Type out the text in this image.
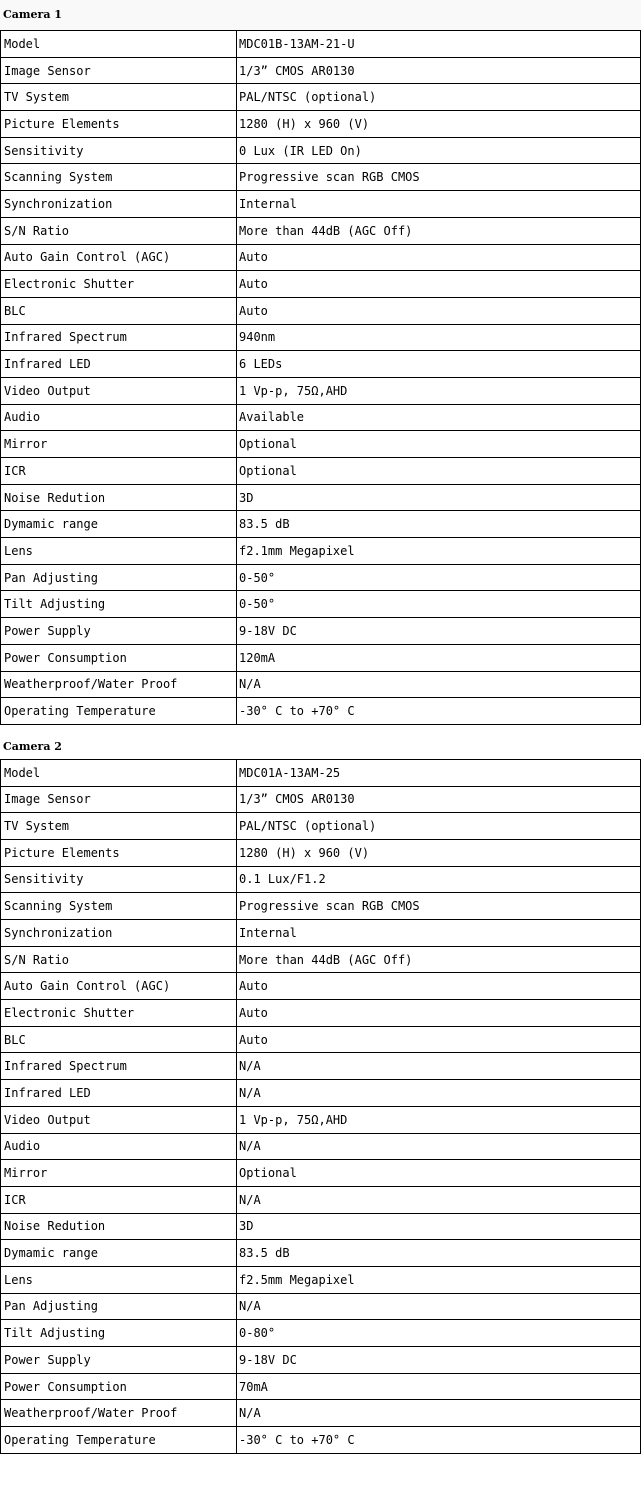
Camera 1
Model	MDC01B-13AM-21-U
Image Sensor	1/3” CMOS AR0130
TV System	PAL/NTSC (optional)
Picture Elements	1280 (H) x 960 (V)
Sensitivity	0 Lux (IR LED On)
Scanning System	Progressive scan RGB CMOS
Synchronization	Internal
S/N Ratio	More than 44dB (AGC Off)
Auto Gain Control (AGC)	Auto
Electronic Shutter	Auto
BLC	Auto
Infrared Spectrum	940nm
Infrared LED	6 LEDs
Video Output	1 Vp-p, 75Ω,AHD
Audio	Available
Mirror	Optional
ICR	Optional
Noise Redution	3D
Dymamic range	83.5 dB
Lens	f2.1mm Megapixel
Pan Adjusting	0-50°
Tilt Adjusting	0-50°
Power Supply	9-18V DC
Power Consumption	120mA
Weatherproof/Water Proof	N/A
Operating Temperature	-30° C to +70° C
Camera 2
Model	MDC01A-13AM-25
Image Sensor	1/3” CMOS AR0130
TV System	PAL/NTSC (optional)
Picture Elements	1280 (H) x 960 (V)
Sensitivity	0.1 Lux/F1.2
Scanning System	Progressive scan RGB CMOS
Synchronization	Internal
S/N Ratio	More than 44dB (AGC Off)
Auto Gain Control (AGC)	Auto
Electronic Shutter	Auto
BLC	Auto
Infrared Spectrum	N/A
Infrared LED	N/A
Video Output	1 Vp-p, 75Ω,AHD
Audio	N/A
Mirror	Optional
ICR	N/A
Noise Redution	3D
Dymamic range	83.5 dB
Lens	f2.5mm Megapixel
Pan Adjusting	N/A
Tilt Adjusting	0-80°
Power Supply	9-18V DC
Power Consumption	70mA
Weatherproof/Water Proof	N/A
Operating Temperature	-30° C to +70° C
